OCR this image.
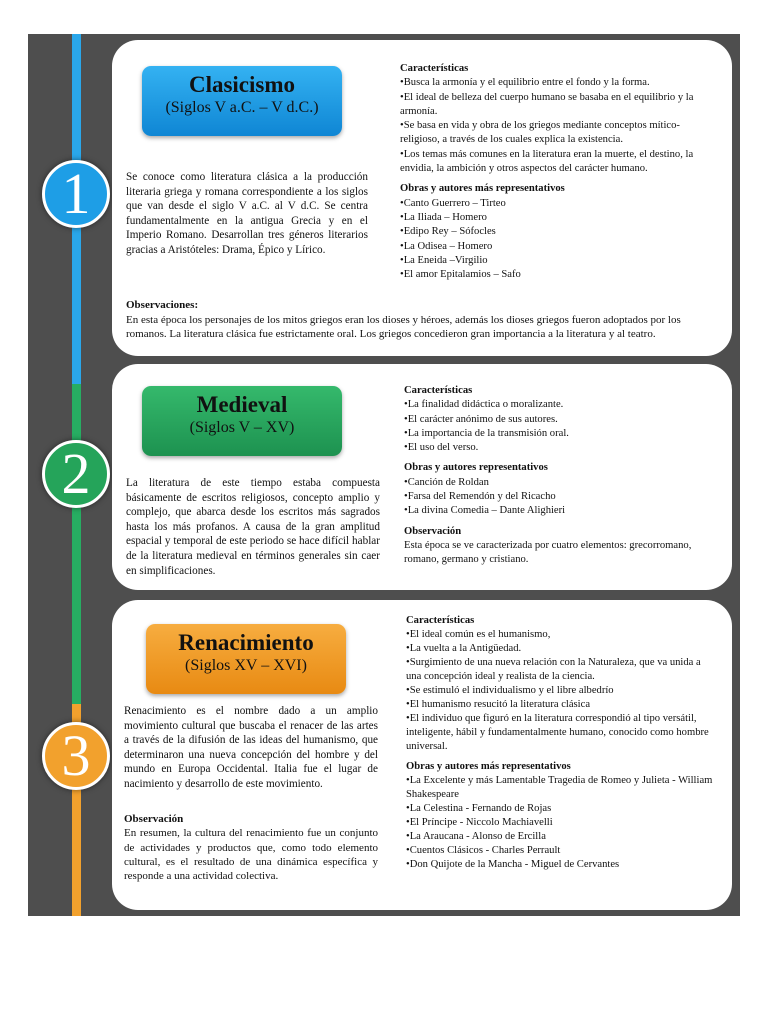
1
2
3
Clasicismo
(Siglos V a.C. – V d.C.)
Se conoce como literatura clásica a la producción literaria griega y romana correspondiente a los siglos que van desde el siglo V a.C. al V d.C. Se centra fundamentalmente en la antigua Grecia y en el Imperio Romano. Desarrollan tres géneros literarios gracias a Aristóteles: Drama, Épico y Lírico.

Características

•Busca la armonía y el equilibrio entre el fondo y la forma.

•El ideal de belleza del cuerpo humano se basaba en el equilibrio y la armonía.

•Se basa en vida y obra de los griegos mediante conceptos mítico-religioso, a través de los cuales explica la existencia.

•Los temas más comunes en la literatura eran la muerte, el destino, la envidia, la ambición y otros aspectos del carácter humano.

Obras y autores más representativos

•Canto Guerrero – Tirteo

•La Iliada – Homero

•Edipo Rey – Sófocles

•La Odisea – Homero

•La Eneida –Virgilio

•El amor Epitalamios – Safo

Observaciones:

En esta época los personajes de los mitos griegos eran los dioses y héroes, además los dioses griegos fueron adoptados por los romanos. La literatura clásica fue estrictamente oral. Los griegos concedieron gran importancia a la literatura y al teatro.

Medieval
(Siglos V – XV)
La literatura de este tiempo estaba compuesta básicamente de escritos religiosos, concepto amplio y complejo, que abarca desde los escritos más sagrados hasta los más profanos. A causa de la gran amplitud espacial y temporal de este periodo se hace difícil hablar de la literatura medieval en términos generales sin caer en simplificaciones.

Características

•La finalidad didáctica o moralizante.

•El carácter anónimo de sus autores.

•La importancia de la transmisión oral.

•El uso del verso.

Obras y autores representativos

•Canción de Roldan

•Farsa del Remendón y del Ricacho

•La divina Comedia – Dante Alighieri

Observación

Esta época se ve caracterizada por cuatro elementos: grecorromano, romano, germano y cristiano.

Renacimiento
(Siglos XV – XVI)
Renacimiento es el nombre dado a un amplio movimiento cultural que buscaba el renacer de las artes a través de la difusión de las ideas del humanismo, que determinaron una nueva concepción del hombre y del mundo en Europa Occidental. Italia fue el lugar de nacimiento y desarrollo de este movimiento.

Observación

En resumen, la cultura del renacimiento fue un conjunto de actividades y productos que, como todo elemento cultural, es el resultado de una dinámica específica y responde a una actividad colectiva.

Características

•El ideal común es el humanismo,

•La vuelta a la Antigüedad.

•Surgimiento de una nueva relación con la Naturaleza, que va unida a una concepción ideal y realista de la ciencia.

•Se estimuló el individualismo y el libre albedrío

•El humanismo resucitó la literatura clásica

•El individuo que figuró en la literatura correspondió al tipo versátil, inteligente, hábil y fundamentalmente humano, conocido como hombre universal.

Obras y autores más representativos

•La Excelente y más Lamentable Tragedia de Romeo y Julieta - William Shakespeare

•La Celestina - Fernando de Rojas

•El Príncipe - Niccolo Machiavelli

•La Araucana - Alonso de Ercilla

•Cuentos Clásicos - Charles Perrault

•Don Quijote de la Mancha - Miguel de Cervantes
